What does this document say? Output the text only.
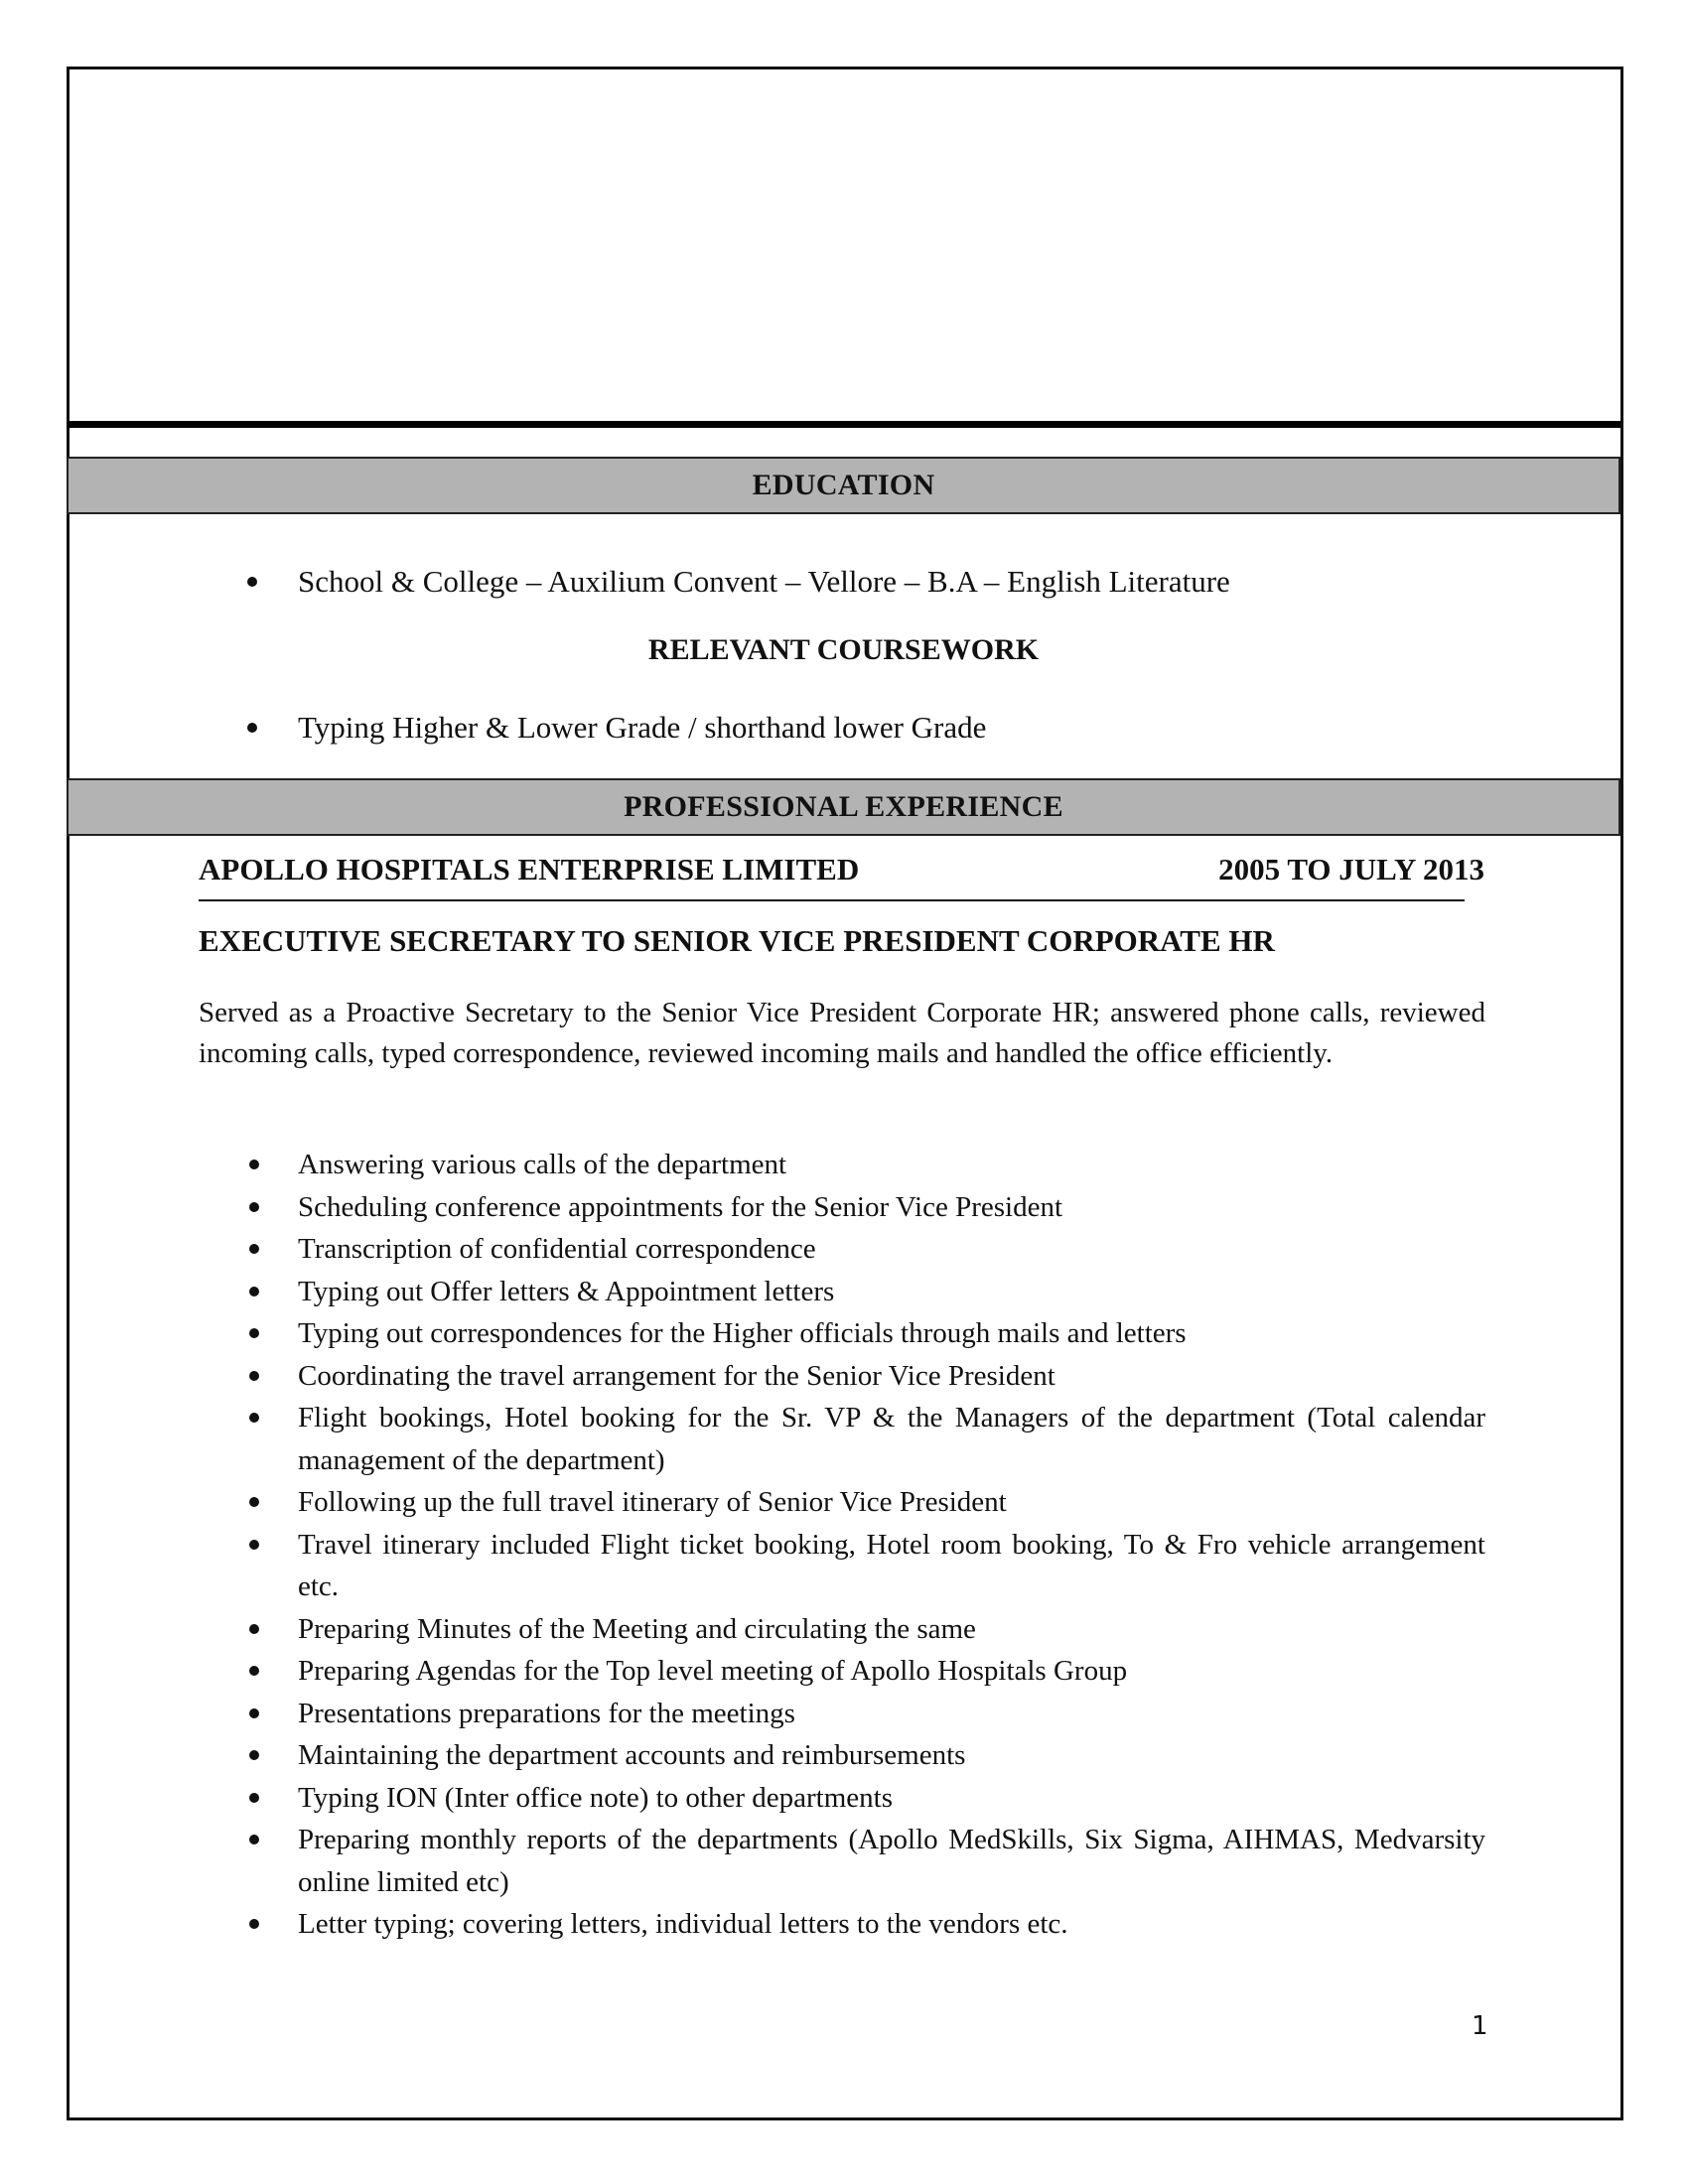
EDUCATION
School & College – Auxilium Convent – Vellore – B.A – English Literature
RELEVANT COURSEWORK
Typing Higher & Lower Grade / shorthand lower Grade
PROFESSIONAL EXPERIENCE
APOLLO HOSPITALS ENTERPRISE LIMITED	2005 TO JULY 2013
EXECUTIVE SECRETARY TO SENIOR VICE PRESIDENT CORPORATE HR
Served as a Proactive Secretary to the Senior Vice President Corporate HR; answered phone calls, reviewed incoming calls, typed correspondence, reviewed incoming mails and handled the office efficiently.
Answering various calls of the department
Scheduling conference appointments for the Senior Vice President
Transcription of confidential correspondence
Typing out Offer letters & Appointment letters
Typing out correspondences for the Higher officials through mails and letters
Coordinating the travel arrangement for the Senior Vice President
Flight bookings, Hotel booking for the Sr. VP & the Managers of the department (Total calendar management of the department)
Following up the full travel itinerary of Senior Vice President
Travel itinerary included Flight ticket booking, Hotel room booking, To & Fro vehicle arrangement etc.
Preparing Minutes of the Meeting and circulating the same
Preparing Agendas for the Top level meeting of Apollo Hospitals Group
Presentations preparations for the meetings
Maintaining the department accounts and reimbursements
Typing ION (Inter office note) to other departments
Preparing monthly reports of the departments (Apollo MedSkills, Six Sigma, AIHMAS, Medvarsity online limited etc)
Letter typing; covering letters, individual letters to the vendors etc.
1
